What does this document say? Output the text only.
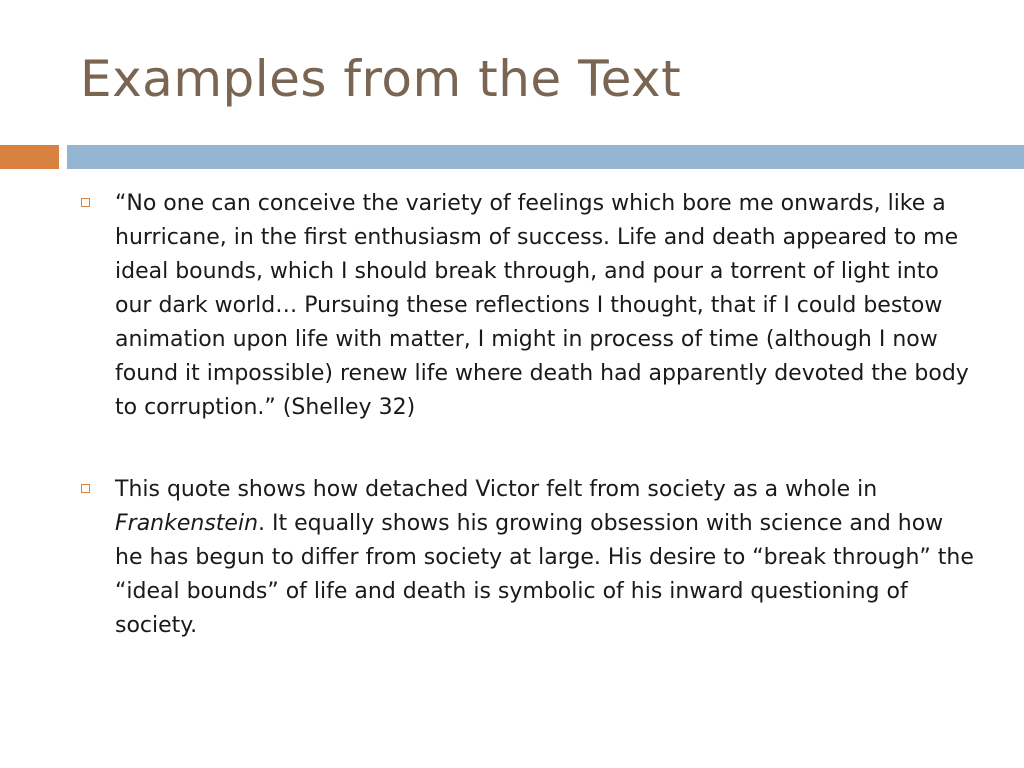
Examples from the Text
“No one can conceive the variety of feelings which bore me onwards, like a hurricane, in the first enthusiasm of success. Life and death appeared to me ideal bounds, which I should break through, and pour a torrent of light into our dark world… Pursuing these reflections I thought, that if I could bestow animation upon life with matter, I might in process of time (although I now found it impossible) renew life where death had apparently devoted the body to corruption.” (Shelley 32)
This quote shows how detached Victor felt from society as a whole in Frankenstein. It equally shows his growing obsession with science and how he has begun to differ from society at large. His desire to “break through” the “ideal bounds” of life and death is symbolic of his inward questioning of society.
